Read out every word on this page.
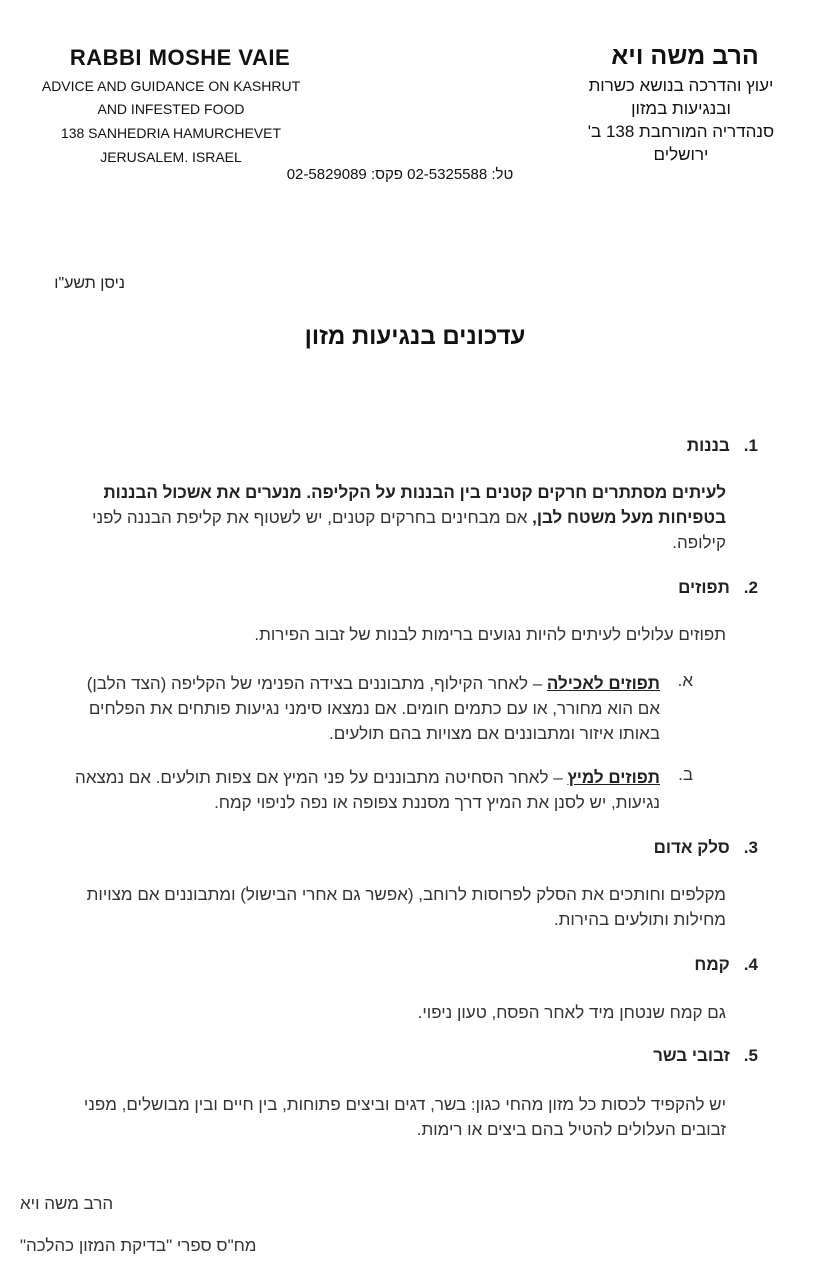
RABBI MOSHE VAIE
ADVICE AND GUIDANCE ON KASHRUT
AND INFESTED FOOD
138 SANHEDRIA HAMURCHEVET
JERUSALEM. ISRAEL
הרב משה ויא
יעוץ והדרכה בנושא כשרות
ובנגיעות במזון
סנהדריה המורחבת 138 ב'
ירושלים
טל: 02-5325588 פקס: 02-5829089
ניסן תשע"ו
עדכונים בנגיעות מזון
1.בננות
לעיתים מסתתרים חרקים קטנים בין הבננות על הקליפה. מנערים את אשכול הבננות בטפיחות מעל משטח לבן, אם מבחינים בחרקים קטנים, יש לשטוף את קליפת הבננה לפני קילופה.
2.תפוזים
תפוזים עלולים לעיתים להיות נגועים ברימות לבנות של זבוב הפירות.
א.
תפוזים לאכילה – לאחר הקילוף, מתבוננים בצידה הפנימי של הקליפה (הצד הלבן) אם הוא מחורר, או עם כתמים חומים. אם נמצאו סימני נגיעות פותחים את הפלחים באותו איזור ומתבוננים אם מצויות בהם תולעים.
ב.
תפוזים למיץ – לאחר הסחיטה מתבוננים על פני המיץ אם צפות תולעים. אם נמצאה נגיעות, יש לסנן את המיץ דרך מסננת צפופה או נפה לניפוי קמח.
3.סלק אדום
מקלפים וחותכים את הסלק לפרוסות לרוחב, (אפשר גם אחרי הבישול) ומתבוננים אם מצויות מחילות ותולעים בהירות.
4.קמח
גם קמח שנטחן מיד לאחר הפסח, טעון ניפוי.
5.זבובי בשר
יש להקפיד לכסות כל מזון מהחי כגון: בשר, דגים וביצים פתוחות, בין חיים ובין מבושלים, מפני זבובים העלולים להטיל בהם ביצים או רימות.
הרב משה ויא
מח"ס ספרי "בדיקת המזון כהלכה"
